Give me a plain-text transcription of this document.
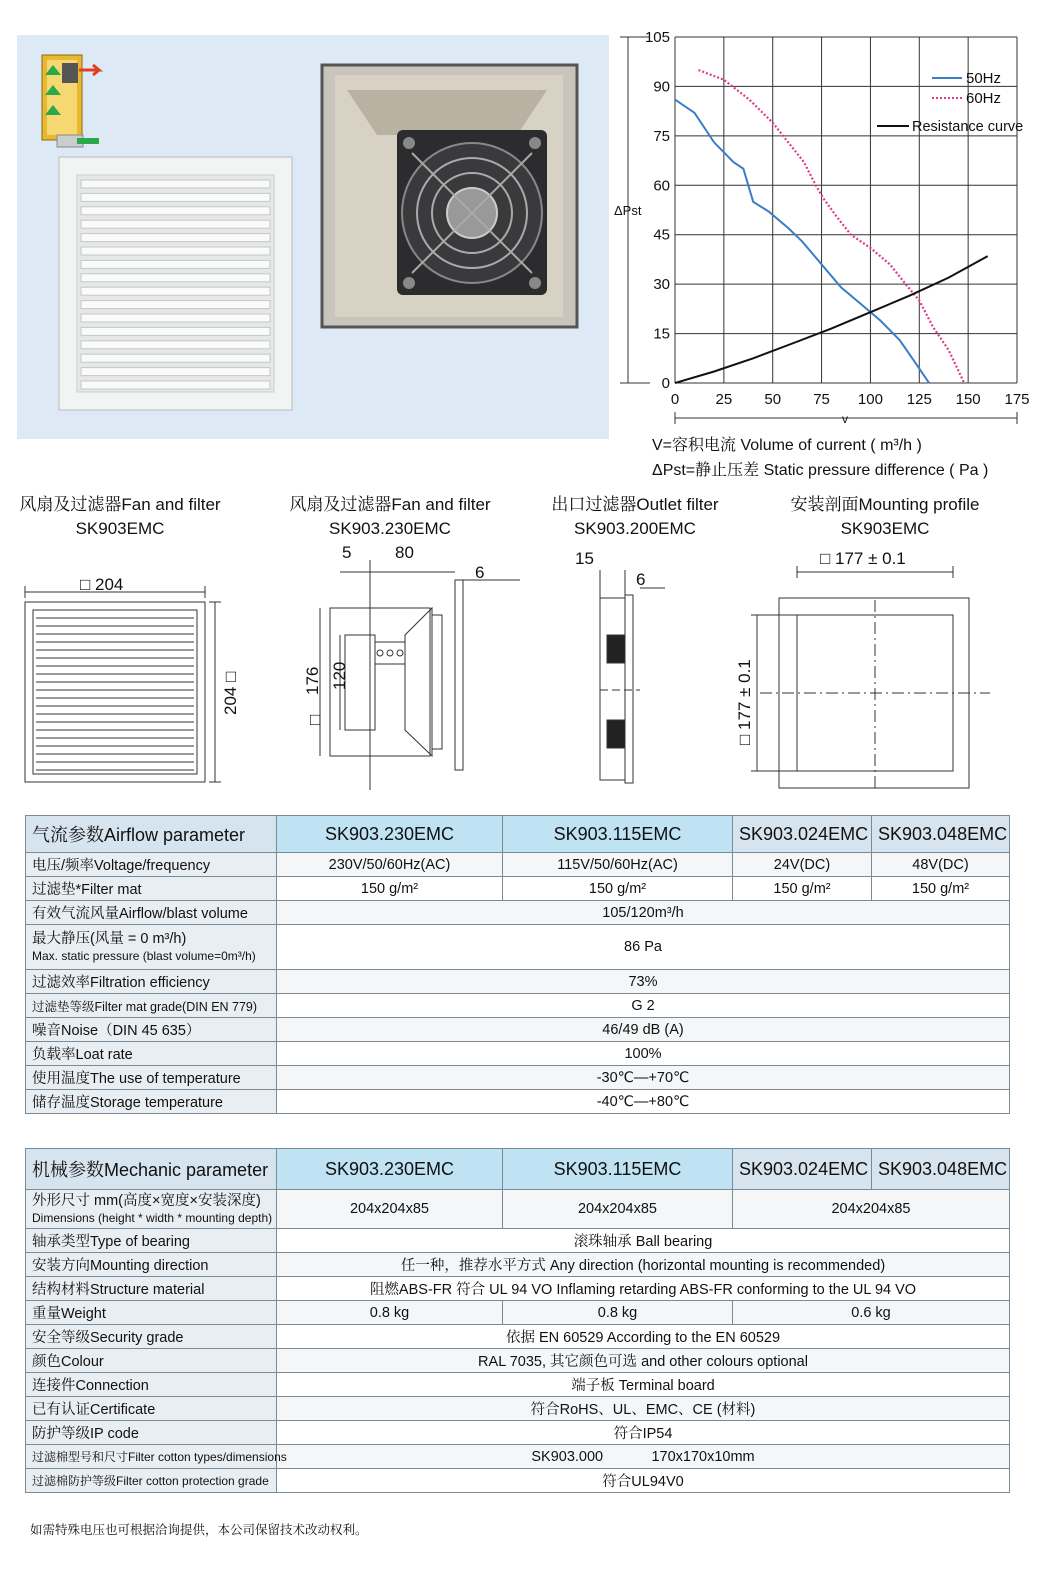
0 25 50 75 100 125 150 175
0
15
30
45
60
75
90
105
ΔPst
v
50Hz
60Hz
Resistance curve
V=容积电流 Volume of current ( m³/h )
ΔPst=静止压差 Static pressure difference ( Pa )
风扇及过滤器Fan and filter
SK903EMC
风扇及过滤器Fan and filter
SK903.230EMC
出口过滤器Outlet filter
SK903.200EMC
安装剖面Mounting profile
SK903EMC
□ 204
204 □
5	80
6
176 120
□
15
6
□ 177 ± 0.1
□ 177 ± 0.1
气流参数Airflow parameter	SK903.230EMC	SK903.115EMC	SK903.024EMC	SK903.048EMC
电压/频率Voltage/frequency	230V/50/60Hz(AC)	115V/50/60Hz(AC)	24V(DC)	48V(DC)
过滤垫*Filter mat	150 g/m²	150 g/m²	150 g/m²	150 g/m²
有效气流风量Airflow/blast volume	105/120m³/h			
最大静压(风量 = 0 m³/h)
Max. static pressure (blast volume=0m³/h)	86 Pa			
过滤效率Filtration efficiency	73%			
过滤垫等级Filter mat grade(DIN EN 779)	G 2			
噪音Noise（DIN 45 635）	46/49 dB (A)			
负载率Loat rate	100%			
使用温度The use of temperature	-30℃—+70℃			
储存温度Storage temperature	-40℃—+80℃			
机械参数Mechanic parameter	SK903.230EMC	SK903.115EMC	SK903.024EMC	SK903.048EMC
外形尺寸 mm(高度×宽度×安装深度)
Dimensions (height * width * mounting depth)	204x204x85	204x204x85	204x204x85	
轴承类型Type of bearing	滚珠轴承 Ball bearing			
安装方向Mounting direction	任一种，推荐水平方式 Any direction (horizontal mounting is recommended)			
结构材料Structure material	阻燃ABS-FR 符合 UL 94 VO Inflaming retarding ABS-FR conforming to the UL 94 VO			
重量Weight	0.8 kg	0.8 kg	0.6 kg	
安全等级Security grade	依据 EN 60529 According to the EN 60529			
颜色Colour	RAL 7035, 其它颜色可选 and other colours optional			
连接件Connection	端子板 Terminal board			
已有认证Certificate	符合RoHS、UL、EMC、CE (材料)			
防护等级IP code	符合IP54			
过滤棉型号和尺寸Filter cotton types/dimensions	SK903.000            170x170x10mm			
过滤棉防护等级Filter cotton protection grade	符合UL94V0			
如需特殊电压也可根据洽询提供，本公司保留技术改动权利。
